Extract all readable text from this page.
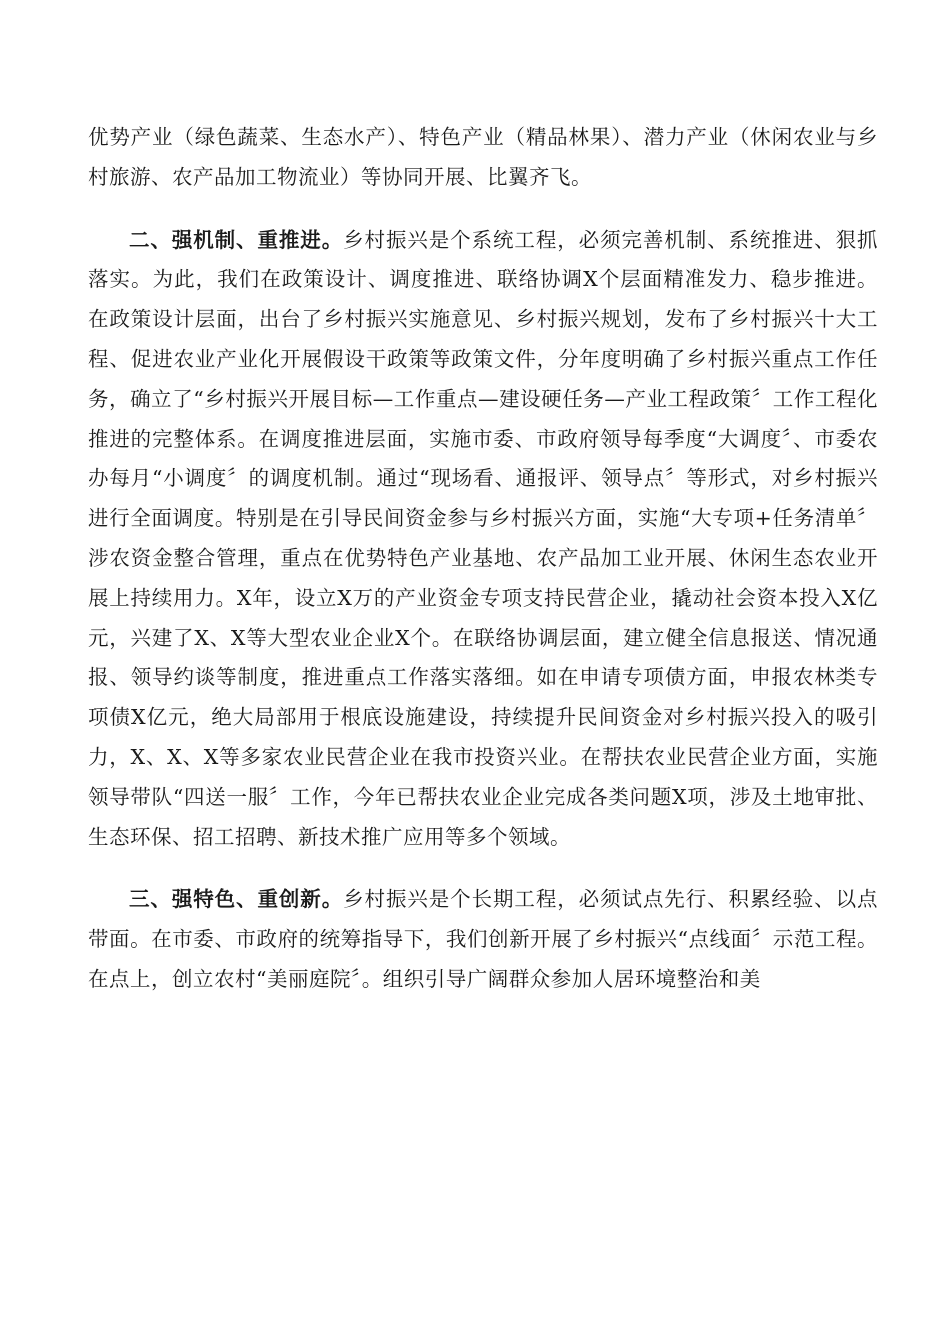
优势产业（绿色蔬菜、生态水产）、特色产业（精品林果）、潜力产业（休闲农业与乡村旅游、农产品加工物流业）等协同开展、比翼齐飞。

二、强机制、重推进。乡村振兴是个系统工程，必须完善机制、系统推进、狠抓落实。为此，我们在政策设计、调度推进、联络协调X个层面精准发力、稳步推进。在政策设计层面，出台了乡村振兴实施意见、乡村振兴规划，发布了乡村振兴十大工程、促进农业产业化开展假设干政策等政策文件，分年度明确了乡村振兴重点工作任务，确立了“乡村振兴开展目标—工作重点—建设硬任务—产业工程政策〞工作工程化推进的完整体系。在调度推进层面，实施市委、市政府领导每季度“大调度〞、市委农办每月“小调度〞的调度机制。通过“现场看、通报评、领导点〞等形式，对乡村振兴进行全面调度。特别是在引导民间资金参与乡村振兴方面，实施“大专项+任务清单〞涉农资金整合管理，重点在优势特色产业基地、农产品加工业开展、休闲生态农业开展上持续用力。X年，设立X万的产业资金专项支持民营企业，撬动社会资本投入X亿元，兴建了X、X等大型农业企业X个。在联络协调层面，建立健全信息报送、情况通报、领导约谈等制度，推进重点工作落实落细。如在申请专项债方面，申报农林类专项债X亿元，绝大局部用于根底设施建设，持续提升民间资金对乡村振兴投入的吸引力，X、X、X等多家农业民营企业在我市投资兴业。在帮扶农业民营企业方面，实施领导带队“四送一服〞工作，今年已帮扶农业企业完成各类问题X项，涉及土地审批、生态环保、招工招聘、新技术推广应用等多个领域。

三、强特色、重创新。乡村振兴是个长期工程，必须试点先行、积累经验、以点带面。在市委、市政府的统筹指导下，我们创新开展了乡村振兴“点线面〞示范工程。在点上，创立农村“美丽庭院〞。组织引导广阔群众参加人居环境整治和美
